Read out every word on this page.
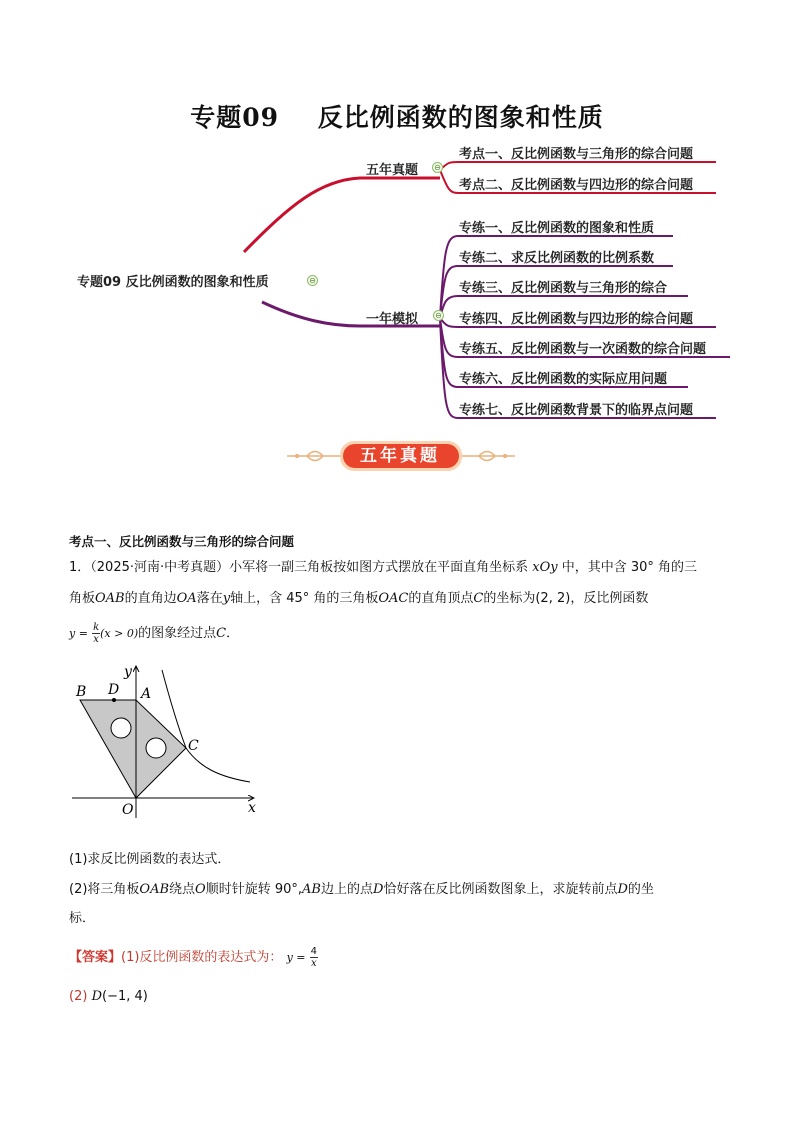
专题09    反比例函数的图象和性质
专题09 反比例函数的图象和性质	⊖
五年真题 ⊖
考点一、反比例函数与三角形的综合问题
考点二、反比例函数与四边形的综合问题
一年模拟 ⊖
专练一、反比例函数的图象和性质
专练二、求反比例函数的比例系数
专练三、反比例函数与三角形的综合
专练四、反比例函数与四边形的综合问题
专练五、反比例函数与一次函数的综合问题
专练六、反比例函数的实际应用问题
专练七、反比例函数背景下的临界点问题
五年真题
考点一、反比例函数与三角形的综合问题
1．（2025·河南·中考真题）小军将一副三角板按如图方式摆放在平面直角坐标系 xOy 中，其中含 30° 角的三
角板OAB的直角边OA落在y轴上，含 45° 角的三角板OAC的直角顶点C的坐标为(2, 2)，反比例函数
$y = \frac{k}{x} (x > 0)$的图象经过点C．
y
x
O
A
B
C
D
(1)求反比例函数的表达式．
(2)将三角板OAB绕点O顺时针旋转 90°,AB边上的点D恰好落在反比例函数图象上，求旋转前点D的坐
标．
【答案】(1)反比例函数的表达式为： $y = \frac{4}{x}$
(2) D(−1, 4)
